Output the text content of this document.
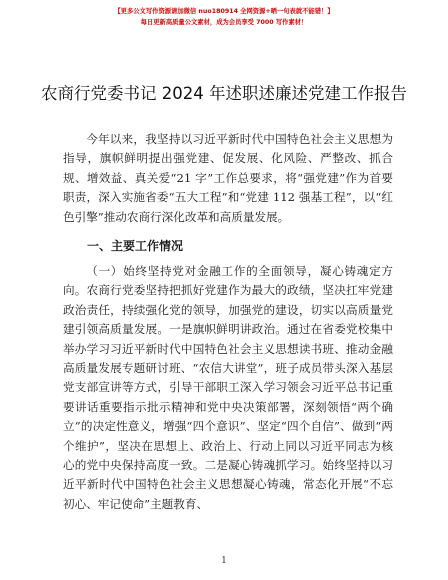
【更多公文写作资源请加微信 nuo180914 全网资源+晒一句表就不能错！】
每日更新高质量公文素材，成为会员享受 7000 写作素材！
农商行党委书记 2024 年述职述廉述党建工作报告

今年以来，我坚持以习近平新时代中国特色社会主义思想为指导，旗帜鲜明提出强党建、促发展、化风险、严整改、抓合规、增效益、真关爱“21 字”工作总要求，将“强党建”作为首要职责，深入实施省委“五大工程”和“党建 112 强基工程”，以“红色引擎”推动农商行深化改革和高质量发展。

一、主要工作情况

（一）始终坚持党对金融工作的全面领导，凝心铸魂定方向。农商行党委坚持把抓好党建作为最大的政绩，坚决扛牢党建政治责任，持续强化党的领导，加强党的建设，切实以高质量党建引领高质量发展。一是旗帜鲜明讲政治。通过在省委党校集中举办学习习近平新时代中国特色社会主义思想读书班、推动金融高质量发展专题研讨班、“农信大讲堂”，班子成员带头深入基层党支部宣讲等方式，引导干部职工深入学习领会习近平总书记重要讲话重要指示批示精神和党中央决策部署，深刻领悟“两个确立”的决定性意义，增强“四个意识”、坚定“四个自信”、做到“两个维护”，坚决在思想上、政治上、行动上同以习近平同志为核心的党中央保持高度一致。二是凝心铸魂抓学习。始终坚持以习近平新时代中国特色社会主义思想凝心铸魂，常态化开展“不忘初心、牢记使命”主题教育、

1
